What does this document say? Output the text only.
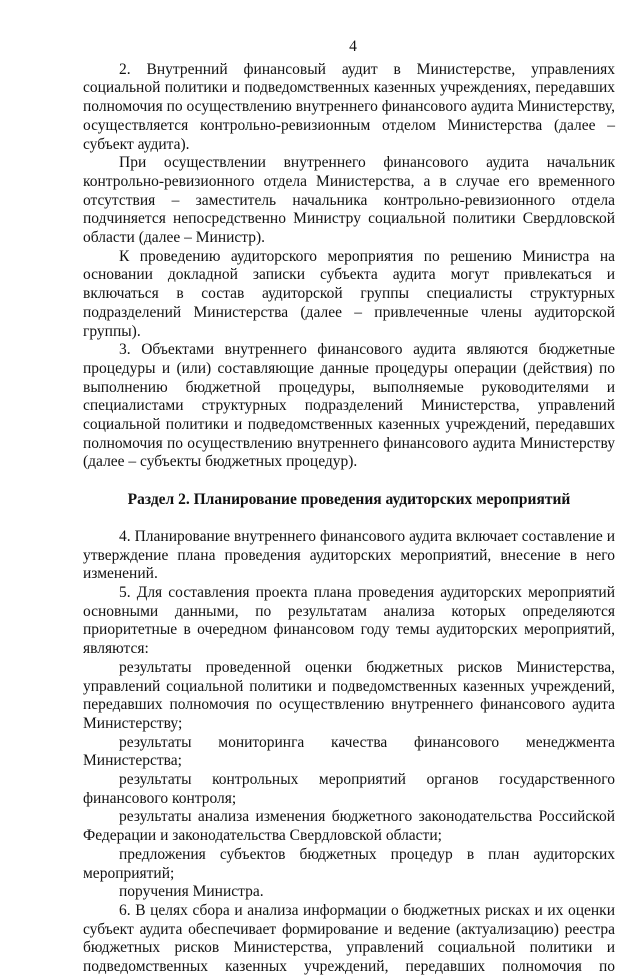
4

2. Внутренний финансовый аудит в Министерстве, управлениях социальной политики и подведомственных казенных учреждениях, передавших полномочия по осуществлению внутреннего финансового аудита Министерству, осуществляется контрольно-ревизионным отделом Министерства (далее – субъект аудита).

При осуществлении внутреннего финансового аудита начальник контрольно-ревизионного отдела Министерства, а в случае его временного отсутствия – заместитель начальника контрольно-ревизионного отдела подчиняется непосредственно Министру социальной политики Свердловской области (далее – Министр).

К проведению аудиторского мероприятия по решению Министра на основании докладной записки субъекта аудита могут привлекаться и включаться в состав аудиторской группы специалисты структурных подразделений Министерства (далее – привлеченные члены аудиторской группы).

3. Объектами внутреннего финансового аудита являются бюджетные процедуры и (или) составляющие данные процедуры операции (действия) по выполнению бюджетной процедуры, выполняемые руководителями и специалистами структурных подразделений Министерства, управлений социальной политики и подведомственных казенных учреждений, передавших полномочия по осуществлению внутреннего финансового аудита Министерству (далее – субъекты бюджетных процедур).

Раздел 2. Планирование проведения аудиторских мероприятий

4. Планирование внутреннего финансового аудита включает составление и утверждение плана проведения аудиторских мероприятий, внесение в него изменений.

5. Для составления проекта плана проведения аудиторских мероприятий основными данными, по результатам анализа которых определяются приоритетные в очередном финансовом году темы аудиторских мероприятий, являются:

результаты проведенной оценки бюджетных рисков Министерства, управлений социальной политики и подведомственных казенных учреждений, передавших полномочия по осуществлению внутреннего финансового аудита Министерству;

результаты мониторинга качества финансового менеджмента Министерства;

результаты контрольных мероприятий органов государственного финансового контроля;

результаты анализа изменения бюджетного законодательства Российской Федерации и законодательства Свердловской области;

предложения субъектов бюджетных процедур в план аудиторских мероприятий;

поручения Министра.

6. В целях сбора и анализа информации о бюджетных рисках и их оценки субъект аудита обеспечивает формирование и ведение (актуализацию) реестра бюджетных рисков Министерства, управлений социальной политики и подведомственных казенных учреждений, передавших полномочия по
